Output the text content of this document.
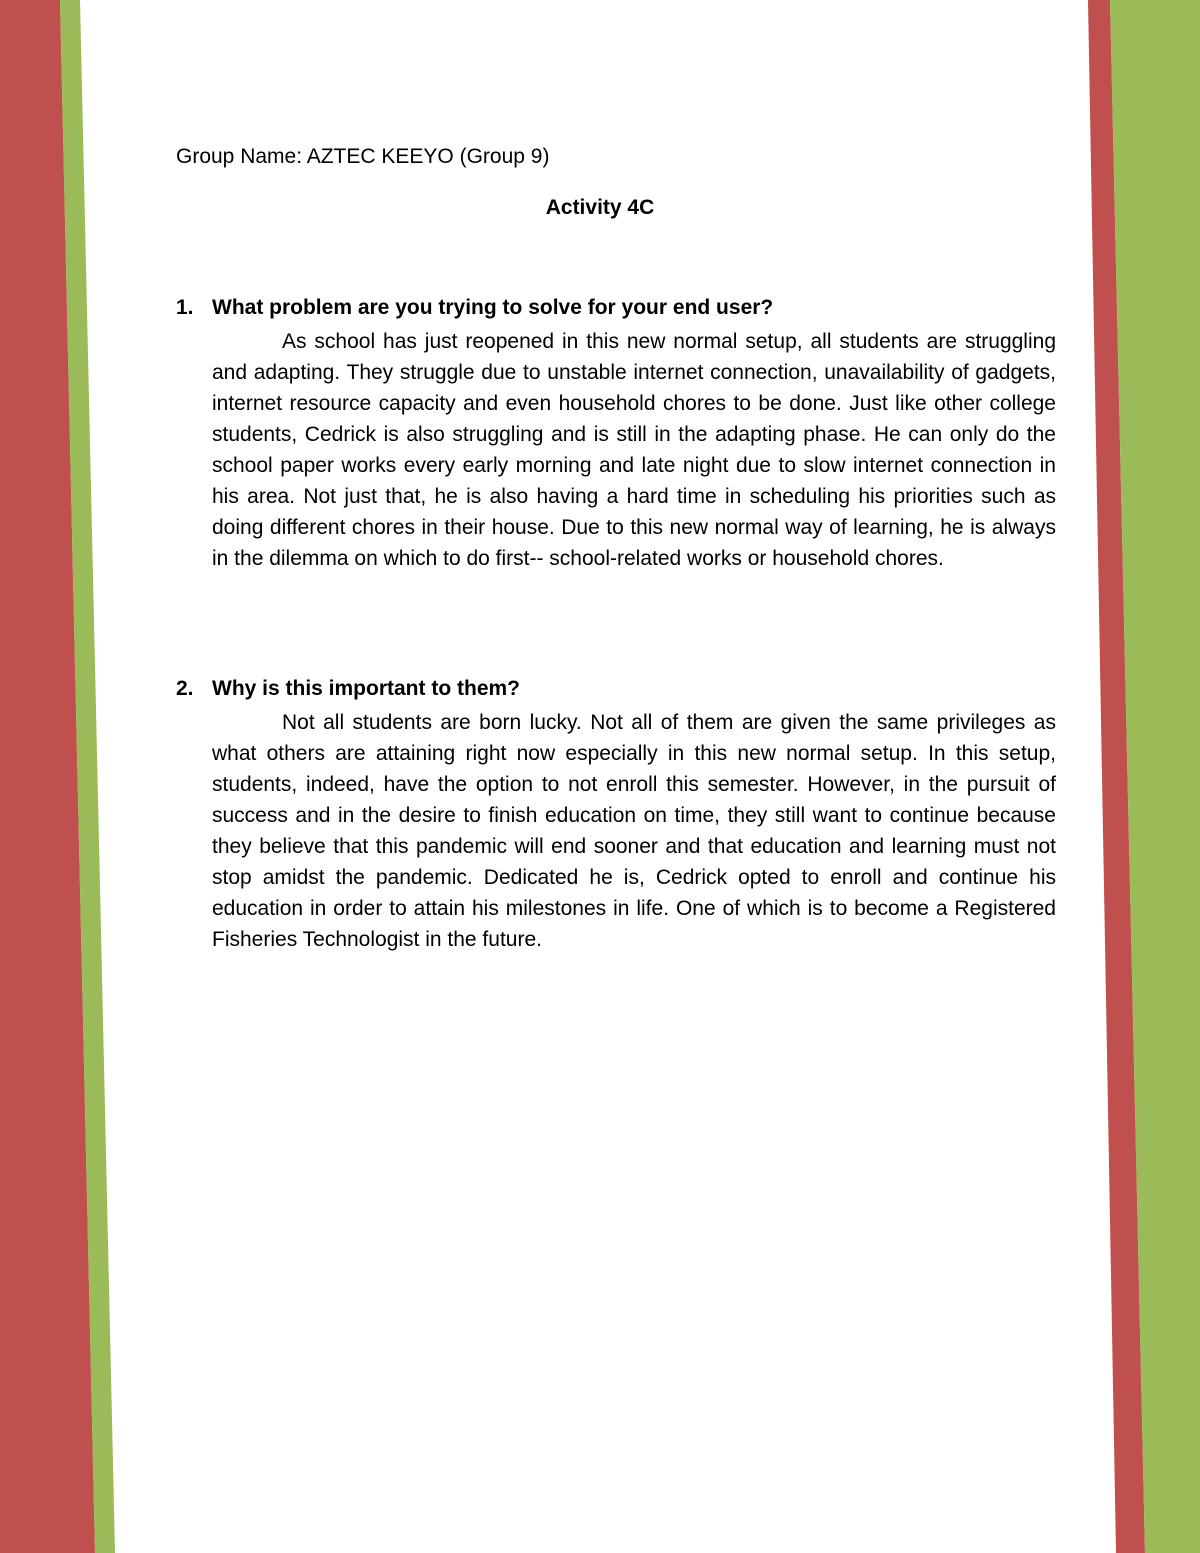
Group Name: AZTEC KEEYO (Group 9)
Activity 4C
1. What problem are you trying to solve for your end user?

As school has just reopened in this new normal setup, all students are struggling and adapting. They struggle due to unstable internet connection, unavailability of gadgets, internet resource capacity and even household chores to be done. Just like other college students, Cedrick is also struggling and is still in the adapting phase. He can only do the school paper works every early morning and late night due to slow internet connection in his area. Not just that, he is also having a hard time in scheduling his priorities such as doing different chores in their house. Due to this new normal way of learning, he is always in the dilemma on which to do first-- school-related works or household chores.

2. Why is this important to them?

Not all students are born lucky. Not all of them are given the same privileges as what others are attaining right now especially in this new normal setup. In this setup, students, indeed, have the option to not enroll this semester. However, in the pursuit of success and in the desire to finish education on time, they still want to continue because they believe that this pandemic will end sooner and that education and learning must not stop amidst the pandemic. Dedicated he is, Cedrick opted to enroll and continue his education in order to attain his milestones in life. One of which is to become a Registered Fisheries Technologist in the future.
